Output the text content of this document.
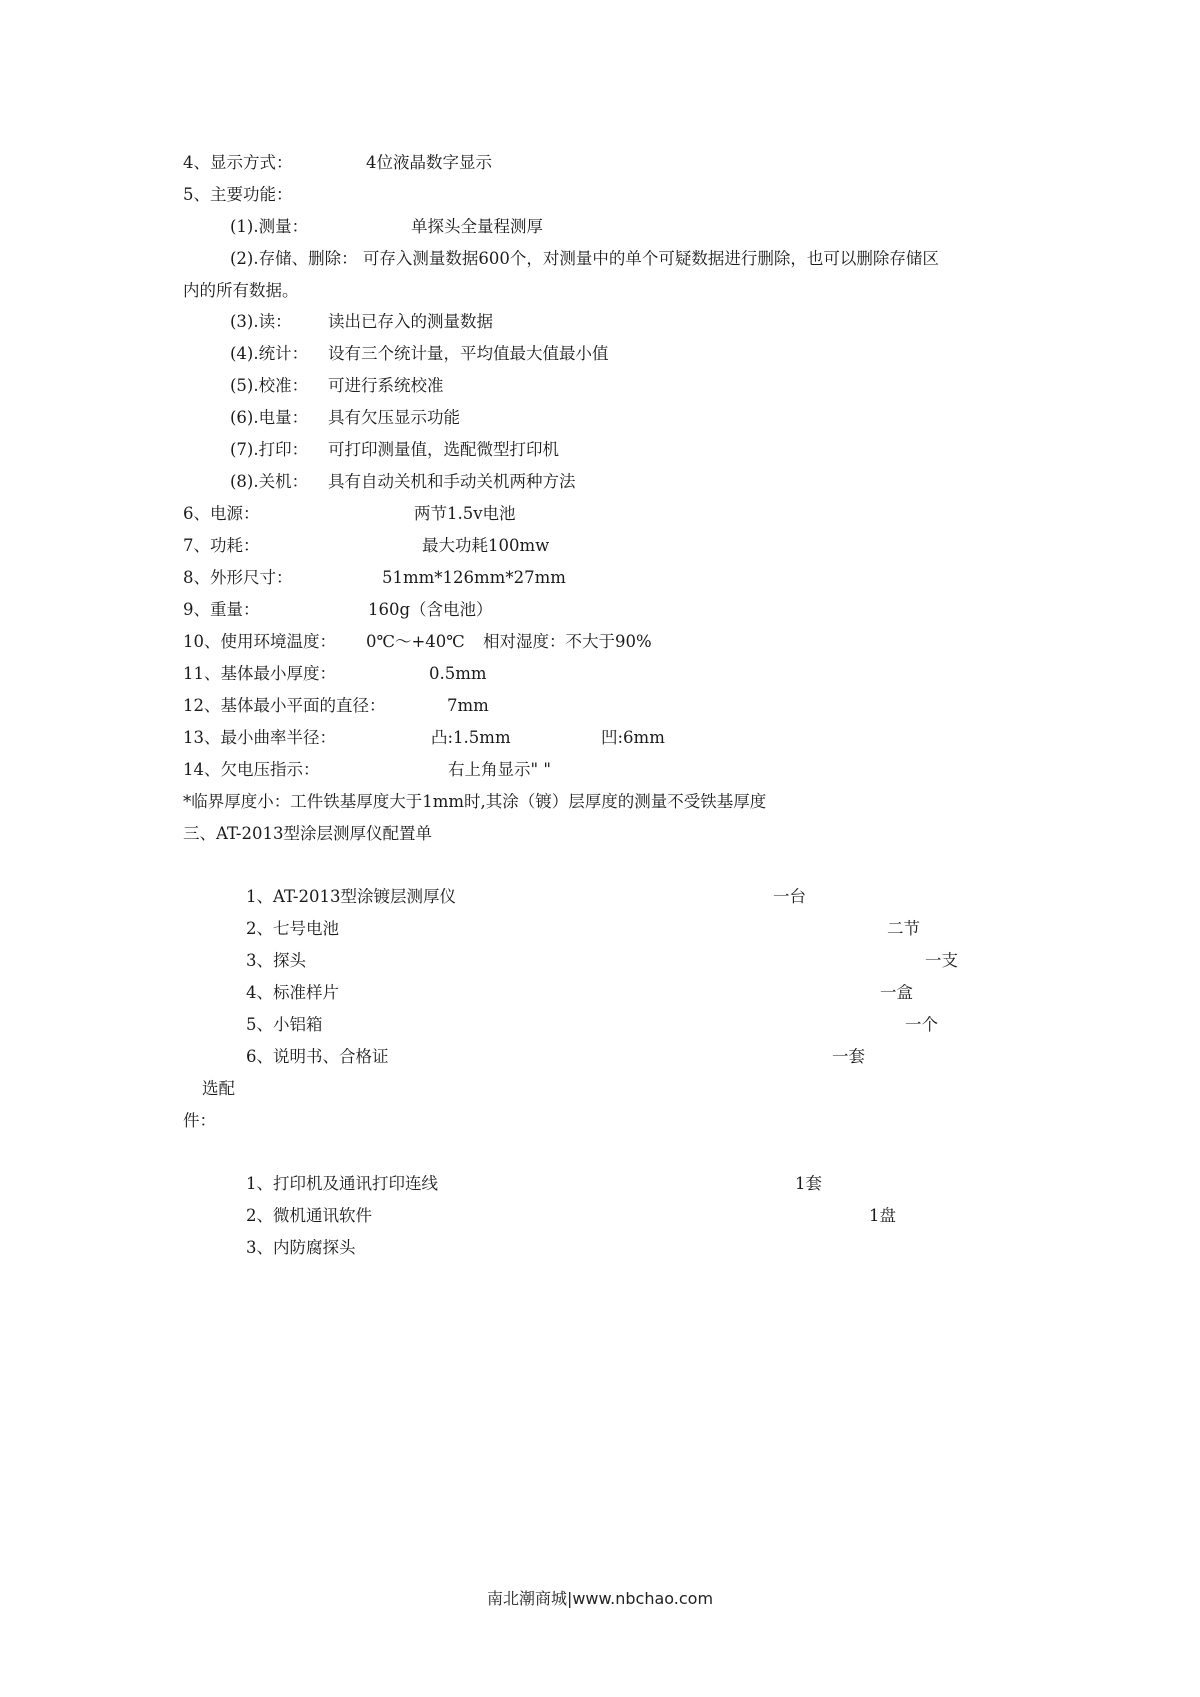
4、显示方式：	4位液晶数字显示
5、主要功能：
(1).测量：	单探头全量程测厚
(2).存储、删除： 可存入测量数据600个，对测量中的单个可疑数据进行删除，也可以删除存储区
内的所有数据。
(3).读： 读出已存入的测量数据
(4).统计： 设有三个统计量，平均值最大值最小值
(5).校准： 可进行系统校准
(6).电量： 具有欠压显示功能
(7).打印： 可打印测量值，选配微型打印机
(8).关机： 具有自动关机和手动关机两种方法
6、电源：	两节1.5v电池
7、功耗：	最大功耗100mw
8、外形尺寸：	51mm*126mm*27mm
9、重量：	160g（含电池）
10、使用环境温度： 0℃～+40℃ 相对湿度：不大于90%
11、基体最小厚度：	0.5mm
12、基体最小平面的直径：	7mm
13、最小曲率半径：	凸:1.5mm	凹:6mm
14、欠电压指示：	右上角显示" "
*临界厚度小：工件铁基厚度大于1mm时,其涂（镀）层厚度的测量不受铁基厚度
三、AT-2013型涂层测厚仪配置单
1、AT-2013型涂镀层测厚仪	一台
2、七号电池	二节
3、探头	一支
4、标准样片	一盒
5、小铝箱	一个
6、说明书、合格证	一套
选配
件：
1、打印机及通讯打印连线	1套
2、微机通讯软件	1盘
3、内防腐探头
南北潮商城|www.nbchao.com
